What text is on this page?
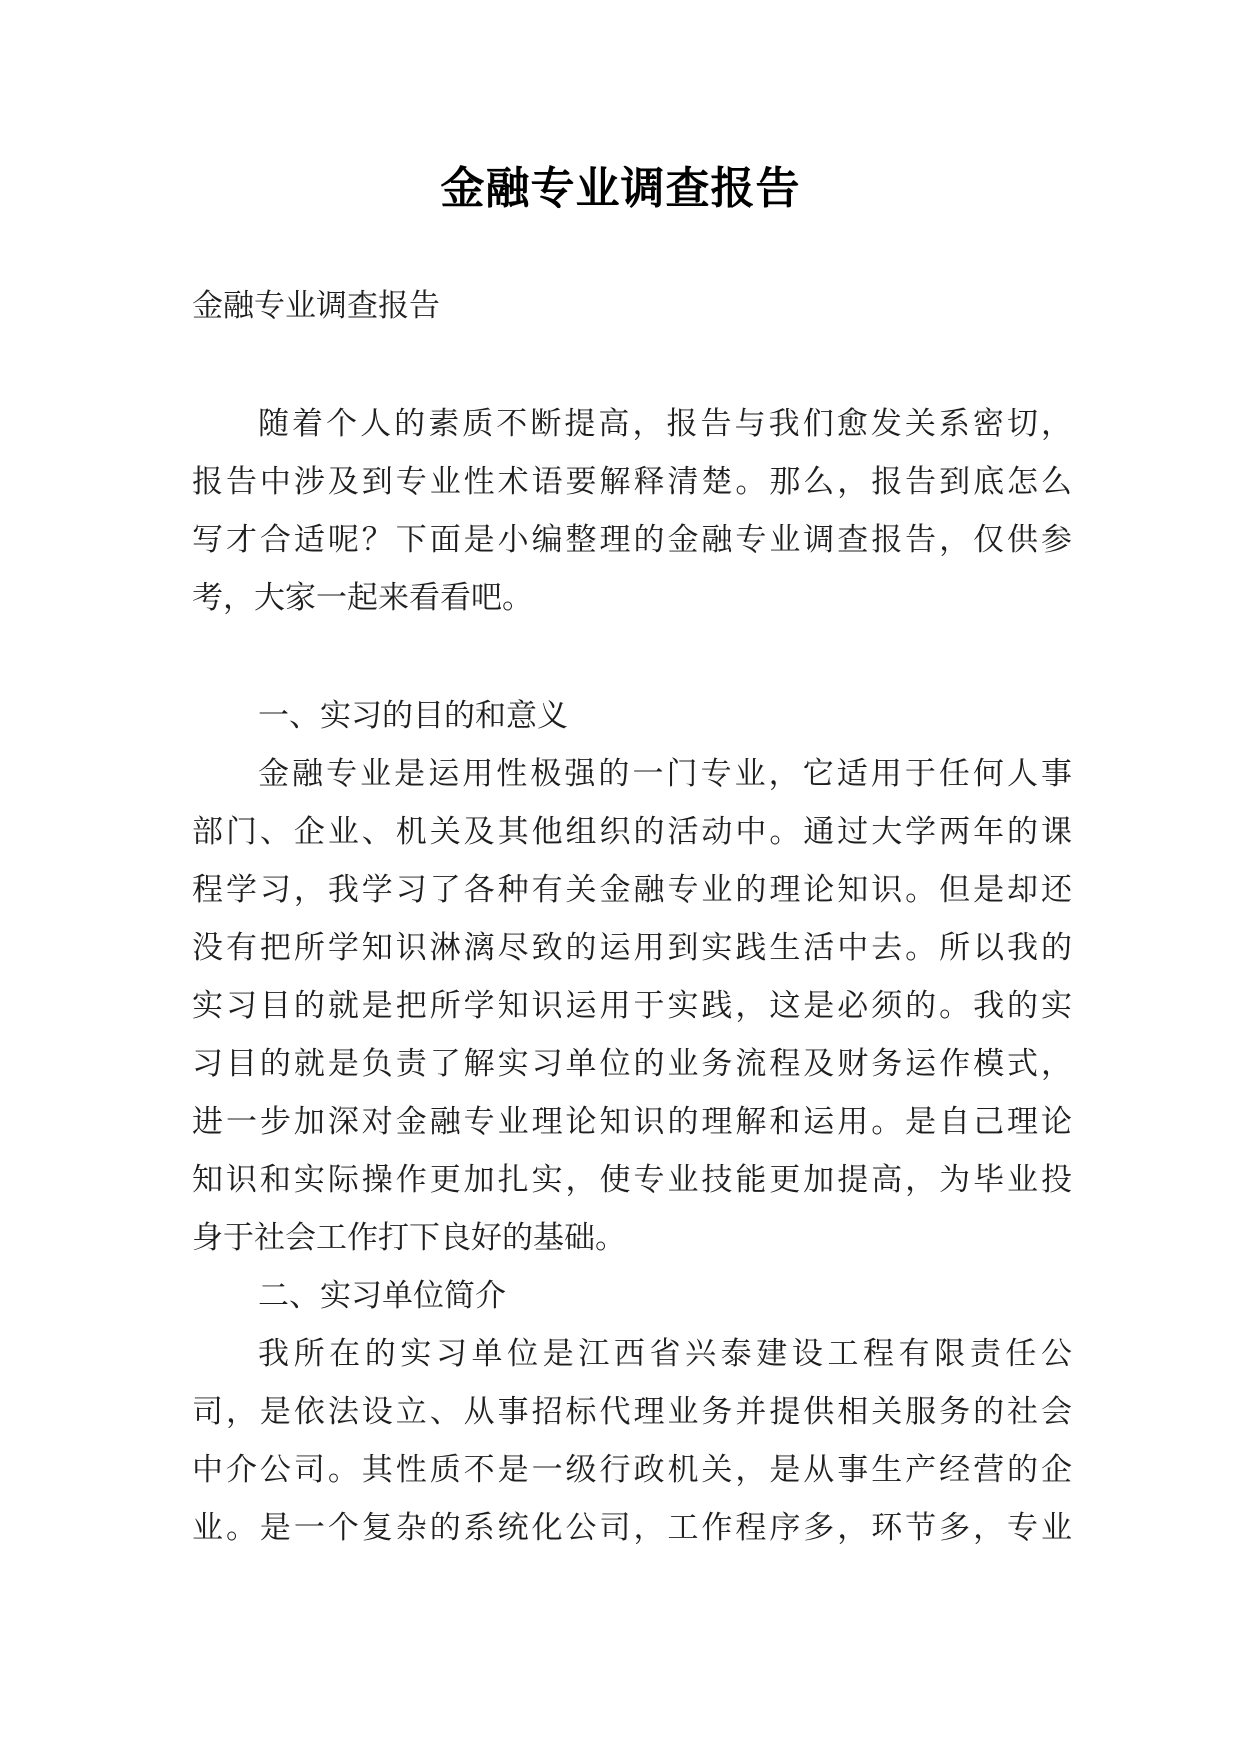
金融专业调查报告
金融专业调查报告
随着个人的素质不断提高，报告与我们愈发关系密切，
报告中涉及到专业性术语要解释清楚。那么，报告到底怎么
写才合适呢？下面是小编整理的金融专业调查报告，仅供参
考，大家一起来看看吧。
一、实习的目的和意义
金融专业是运用性极强的一门专业，它适用于任何人事
部门、企业、机关及其他组织的活动中。通过大学两年的课
程学习，我学习了各种有关金融专业的理论知识。但是却还
没有把所学知识淋漓尽致的运用到实践生活中去。所以我的
实习目的就是把所学知识运用于实践，这是必须的。我的实
习目的就是负责了解实习单位的业务流程及财务运作模式，
进一步加深对金融专业理论知识的理解和运用。是自己理论
知识和实际操作更加扎实，使专业技能更加提高，为毕业投
身于社会工作打下良好的基础。
二、实习单位简介
我所在的实习单位是江西省兴泰建设工程有限责任公
司，是依法设立、从事招标代理业务并提供相关服务的社会
中介公司。其性质不是一级行政机关，是从事生产经营的企
业。是一个复杂的系统化公司，工作程序多，环节多，专业
